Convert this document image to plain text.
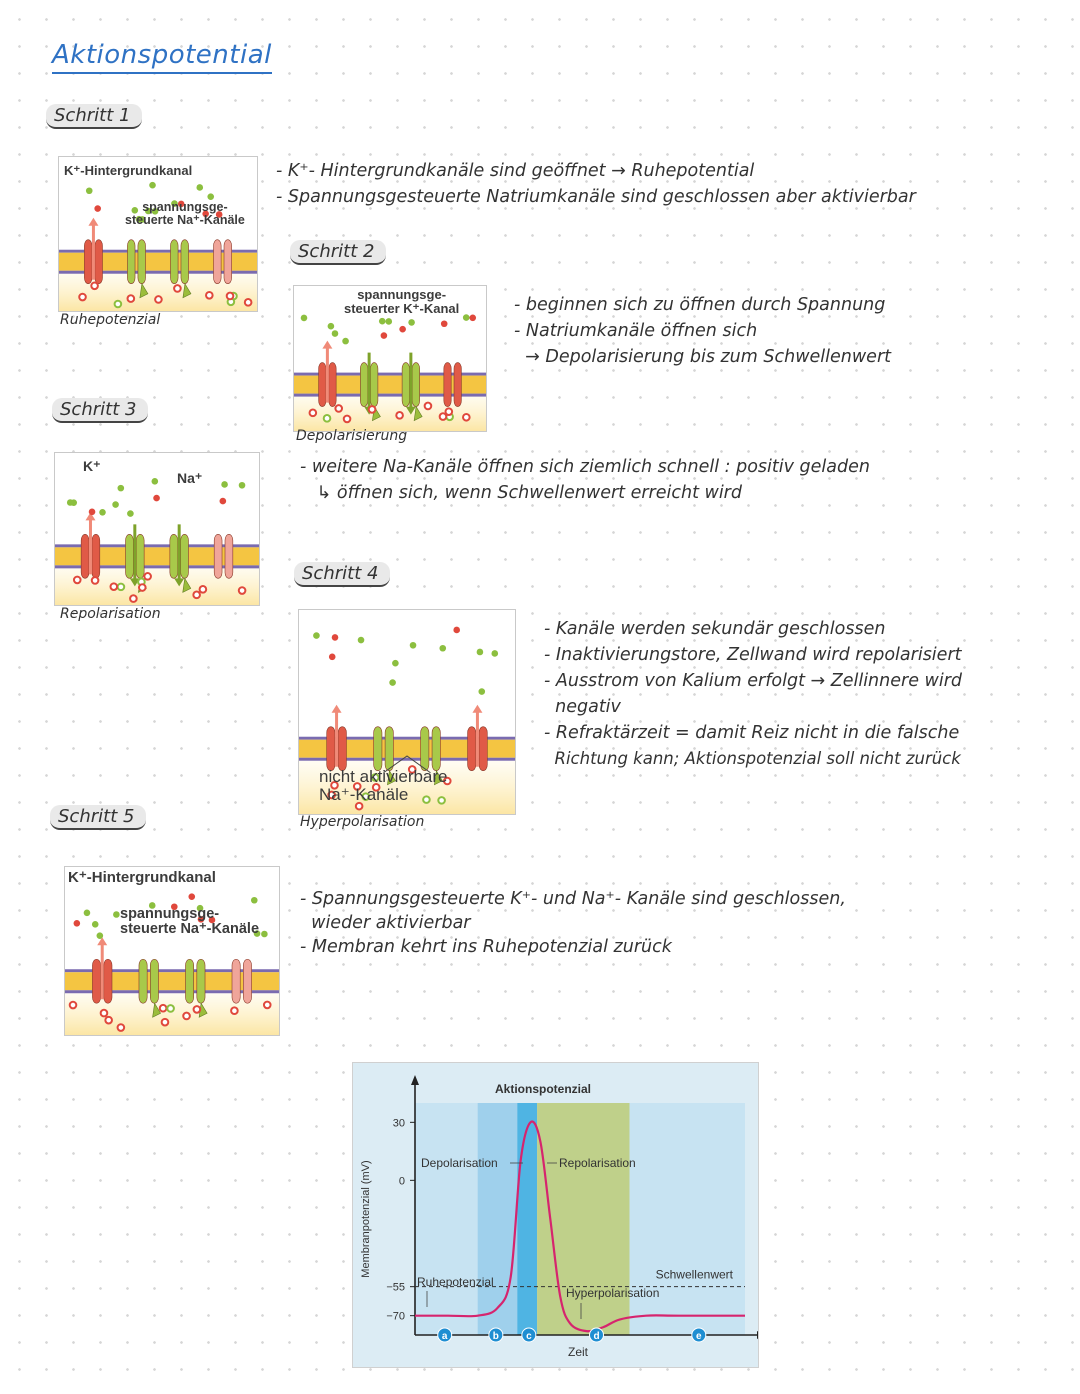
Aktionspotential
Schritt 1
Schritt 2
Schritt 3
Schritt 4
Schritt 5
K⁺-Hintergrundkanal
spannungsge-
steuerte Na⁺-Kanäle
Ruhepotenzial
- K⁺- Hintergrundkanäle sind geöffnet → Ruhepotential
- Spannungsgesteuerte Natriumkanäle sind geschlossen aber aktivierbar
spannungsge-
steuerter K⁺-Kanal
Depolarisierung
- beginnen sich zu öffnen durch Spannung
- Natriumkanäle öffnen sich
→ Depolarisierung bis zum Schwellenwert
K⁺
Na⁺
Repolarisation
- weitere Na-Kanäle öffnen sich ziemlich schnell : positiv geladen
↳ öffnen sich, wenn Schwellenwert erreicht wird
nicht aktivierbare
Na⁺-Kanäle
Hyperpolarisation
- Kanäle werden sekundär geschlossen
- Inaktivierungstore, Zellwand wird repolarisiert
- Ausstrom von Kalium erfolgt → Zellinnere wird
negativ
- Refraktärzeit = damit Reiz nicht in die falsche
Richtung kann; Aktionspotenzial soll nicht zurück
K⁺-Hintergrundkanal
spannungsge-
steuerte Na⁺-Kanäle
- Spannungsgesteuerte K⁺- und Na⁺- Kanäle sind geschlossen,
wieder aktivierbar
- Membran kehrt ins Ruhepotenzial zurück
30
0
−55
−70
Schwellenwert
Aktionspotenzial
Zeit
Membranpotenzial (mV)	Depolarisation	Repolarisation
Ruhepotenzial
Hyperpolarisation
a	b	c	d	e
